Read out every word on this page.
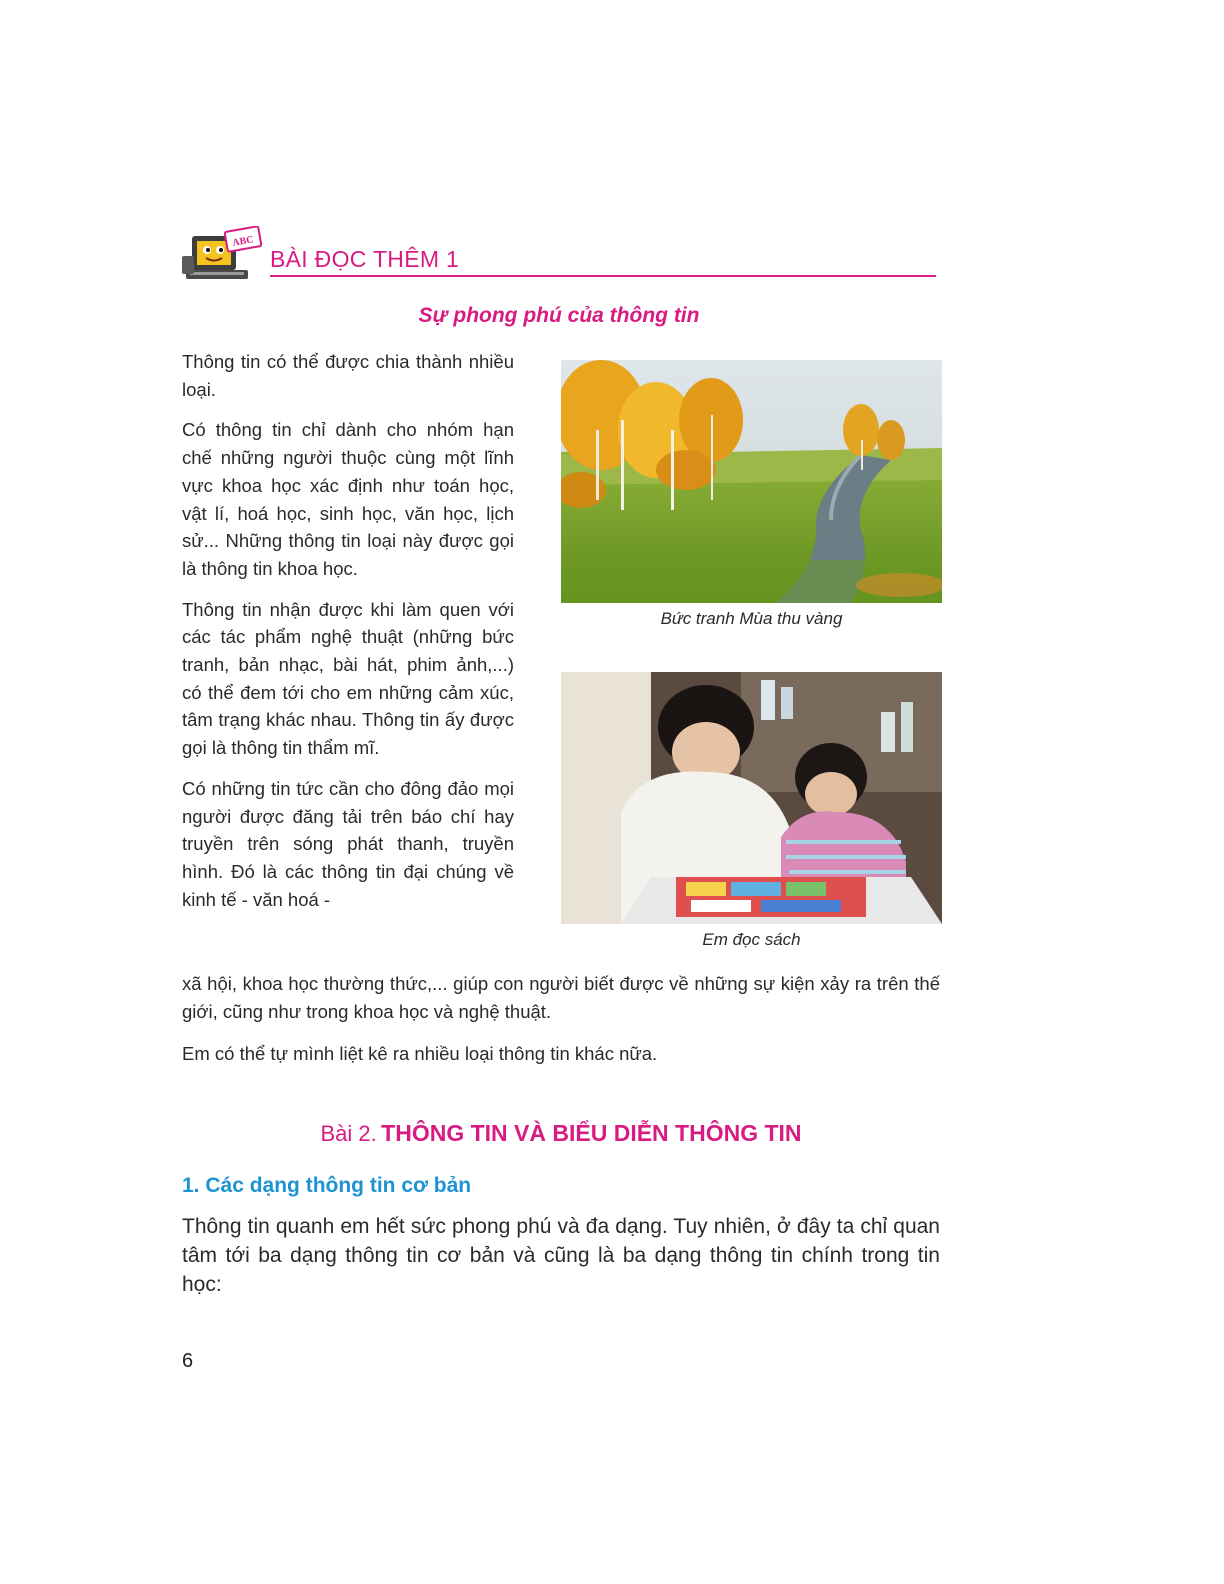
ABC
BÀI ĐỌC THÊM 1
Sự phong phú của thông tin

Thông tin có thể được chia thành nhiều loại.

Có thông tin chỉ dành cho nhóm hạn chế những người thuộc cùng một lĩnh vực khoa học xác định như toán học, vật lí, hoá học, sinh học, văn học, lịch sử... Những thông tin loại này được gọi là thông tin khoa học.

Thông tin nhận được khi làm quen với các tác phẩm nghệ thuật (những bức tranh, bản nhạc, bài hát, phim ảnh,...) có thể đem tới cho em những cảm xúc, tâm trạng khác nhau. Thông tin ấy được gọi là thông tin thẩm mĩ.

Có những tin tức cần cho đông đảo mọi người được đăng tải trên báo chí hay truyền trên sóng phát thanh, truyền hình. Đó là các thông tin đại chúng về kinh tế - văn hoá -

Bức tranh Mùa thu vàng
Em đọc sách

xã hội, khoa học thường thức,... giúp con người biết được về những sự kiện xảy ra trên thế giới, cũng như trong khoa học và nghệ thuật.

Em có thể tự mình liệt kê ra nhiều loại thông tin khác nữa.

Bài 2. THÔNG TIN VÀ BIỂU DIỄN THÔNG TIN
1. Các dạng thông tin cơ bản

Thông tin quanh em hết sức phong phú và đa dạng. Tuy nhiên, ở đây ta chỉ quan tâm tới ba dạng thông tin cơ bản và cũng là ba dạng thông tin chính trong tin học:

6
